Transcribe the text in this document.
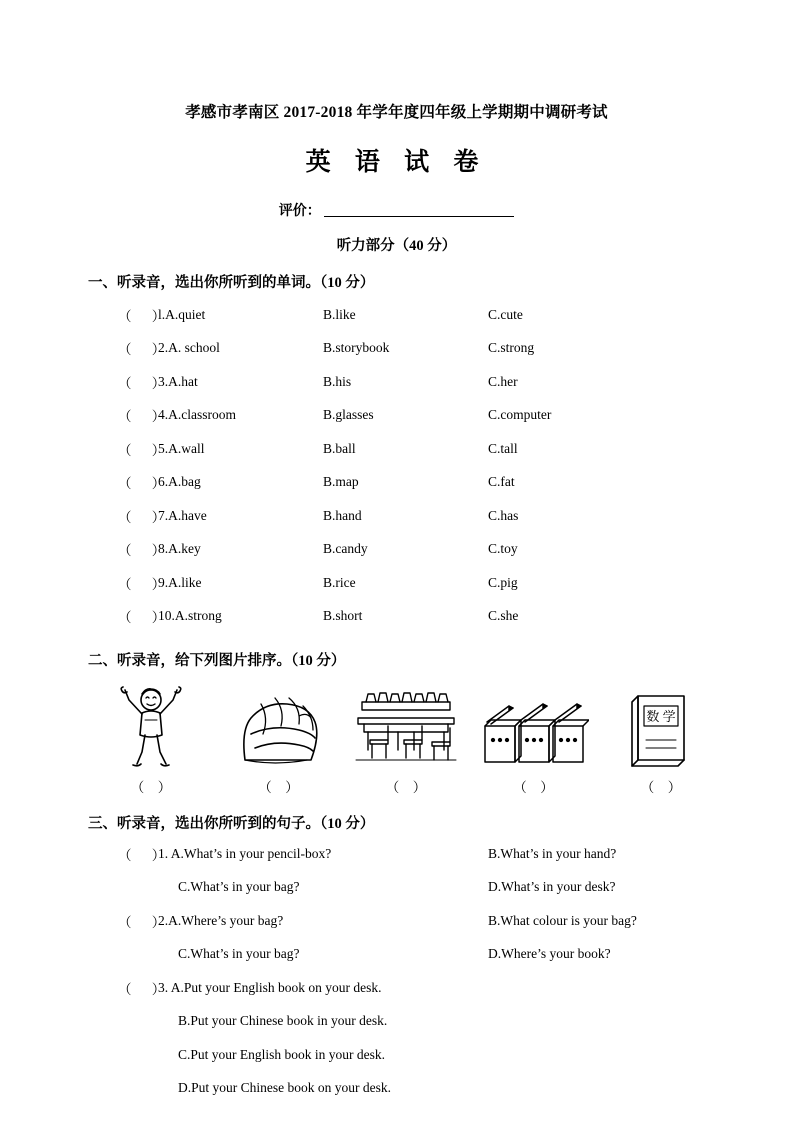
孝感市孝南区 2017-2018 年学年度四年级上学期期中调研考试
英 语 试 卷
评价：
听力部分（40 分）
一、听录音，选出你所听到的单词。（10 分）
（      ）
l.A.quiet	B.like	C.cute
（      ）
2.A. school	B.storybook	C.strong
（      ）
3.A.hat	B.his	C.her
（      ）
4.A.classroom	B.glasses	C.computer
（      ）
5.A.wall	B.ball	C.tall
（      ）
6.A.bag	B.map	C.fat
（      ）
7.A.have	B.hand	C.has
（      ）
8.A.key	B.candy	C.toy
（      ）
9.A.like	B.rice	C.pig
（      ）
10.A.strong	B.short	C.she
二、听录音，给下列图片排序。（10 分）
数 学
（    ）	（    ）	（    ）	（    ）	（    ）
三、听录音，选出你所听到的句子。（10 分）
（      ）
1. A.What’s in your pencil-box?	B.What’s in your hand?
C.What’s in your bag?	D.What’s in your desk?
（      ）
2.A.Where’s your bag?	B.What colour is your bag?
C.What’s in your bag?	D.Where’s your book?
（      ）
3. A.Put your English book on your desk.
B.Put your Chinese book in your desk.
C.Put your English book in your desk.
D.Put your Chinese book on your desk.
